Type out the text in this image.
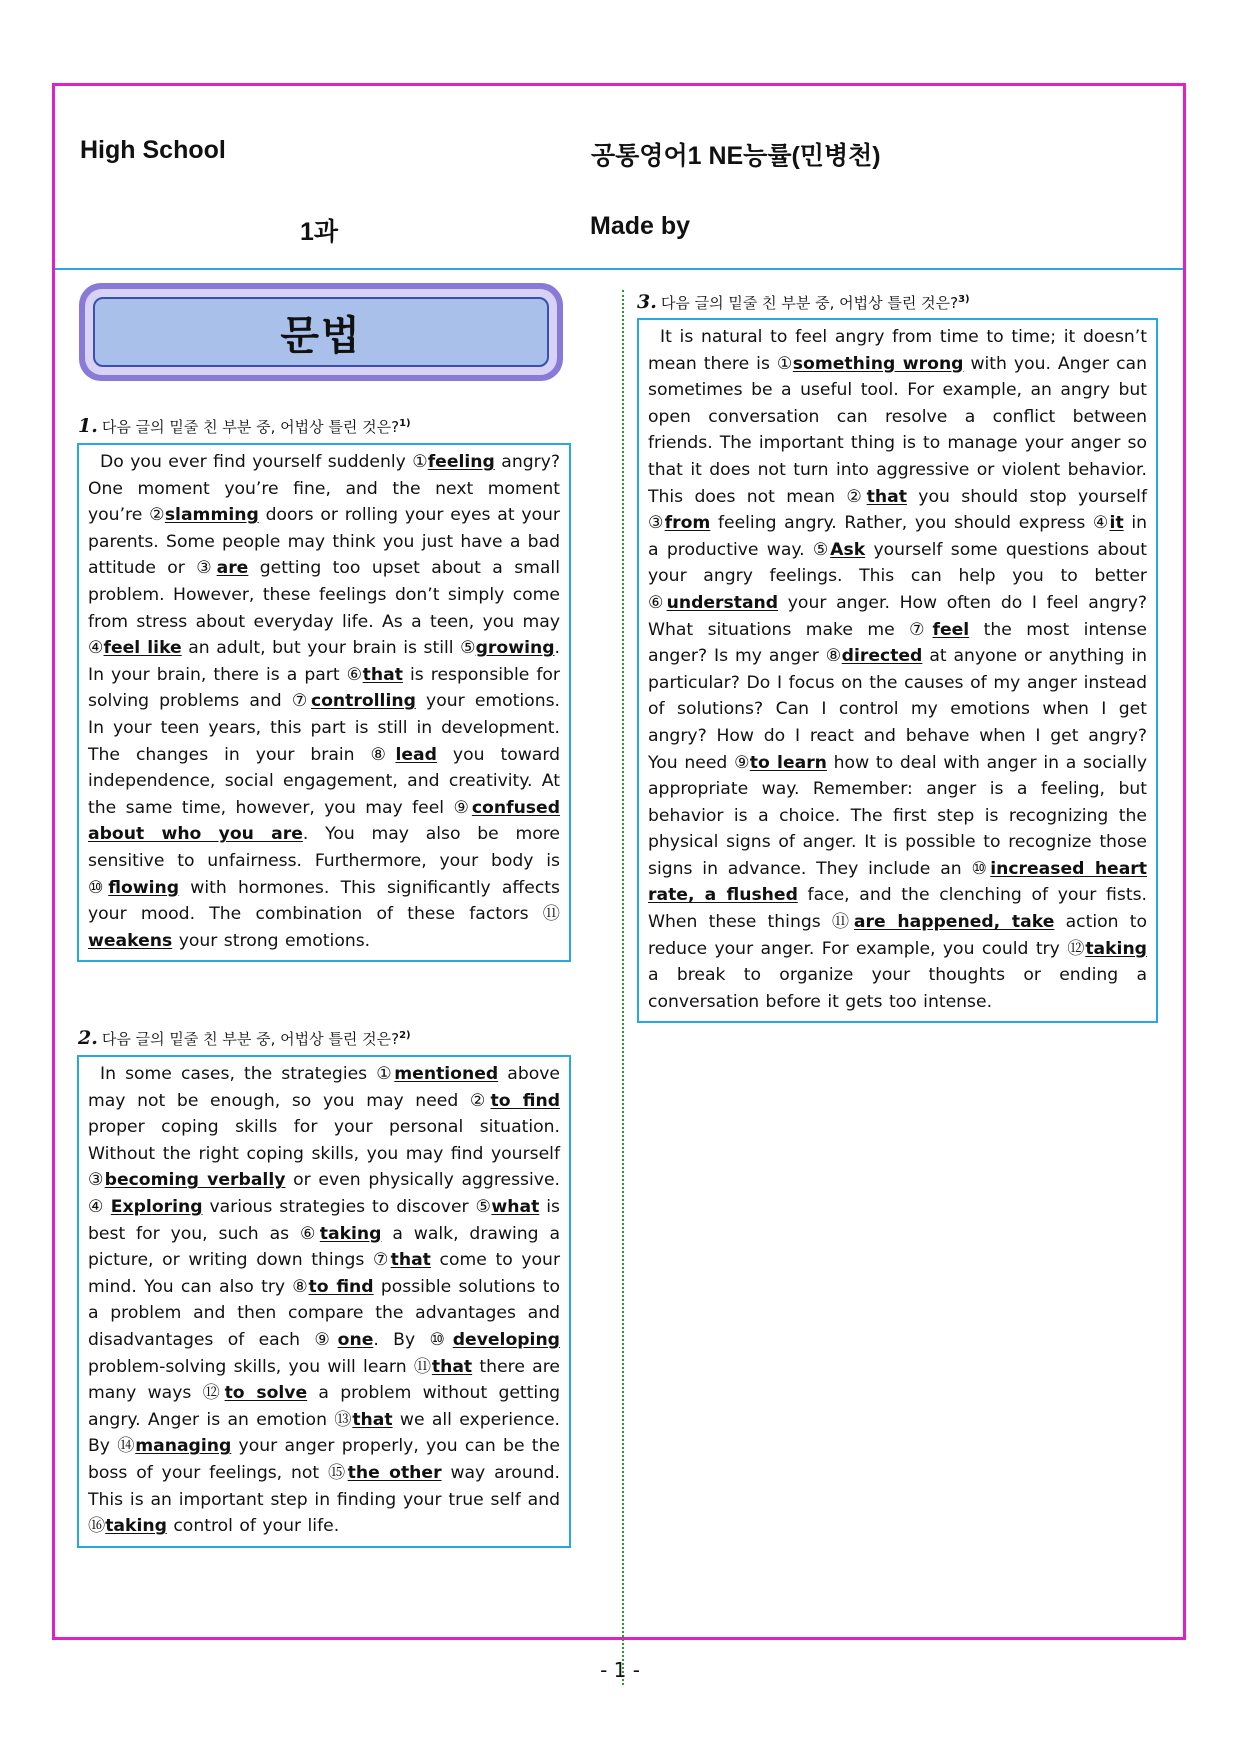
High School	공통영어1 NE능률(민병천)
1과	Made by
문법
1. 다음 글의 밑줄 친 부분 중, 어법상 틀린 것은?$^{1)}$

Do you ever find yourself suddenly ①feeling angry? One moment you’re fine, and the next moment you’re ②slamming doors or rolling your eyes at your parents. Some people may think you just have a bad attitude or ③are getting too upset about a small problem. However, these feelings don’t simply come from stress about everyday life. As a teen, you may ④feel like an adult, but your brain is still ⑤growing. In your brain, there is a part ⑥that is responsible for solving problems and ⑦controlling your emotions. In your teen years, this part is still in development. The changes in your brain ⑧lead you toward independence, social engagement, and creativity. At the same time, however, you may feel ⑨confused about who you are. You may also be more sensitive to unfairness. Furthermore, your body is ⑩flowing with hormones. This significantly affects your mood. The combination of these factors ⑪ weakens your strong emotions.

2. 다음 글의 밑줄 친 부분 중, 어법상 틀린 것은?$^{2)}$

In some cases, the strategies ①mentioned above may not be enough, so you may need ②to find proper coping skills for your personal situation. Without the right coping skills, you may find yourself ③becoming verbally or even physically aggressive. ④ Exploring various strategies to discover ⑤what is best for you, such as ⑥taking a walk, drawing a picture, or writing down things ⑦that come to your mind. You can also try ⑧to find possible solutions to a problem and then compare the advantages and disadvantages of each ⑨one. By ⑩developing problem-solving skills, you will learn ⑪that there are many ways ⑫to solve a problem without getting angry. Anger is an emotion ⑬that we all experience. By ⑭managing your anger properly, you can be the boss of your feelings, not ⑮the other way around. This is an important step in finding your true self and ⑯taking control of your life.

3. 다음 글의 밑줄 친 부분 중, 어법상 틀린 것은?$^{3)}$

It is natural to feel angry from time to time; it doesn’t mean there is ①something wrong with you. Anger can sometimes be a useful tool. For example, an angry but open conversation can resolve a conflict between friends. The important thing is to manage your anger so that it does not turn into aggressive or violent behavior. This does not mean ②that you should stop yourself ③from feeling angry. Rather, you should express ④it in a productive way. ⑤Ask yourself some questions about your angry feelings. This can help you to better ⑥understand your anger. How often do I feel angry? What situations make me ⑦feel the most intense anger? Is my anger ⑧directed at anyone or anything in particular? Do I focus on the causes of my anger instead of solutions? Can I control my emotions when I get angry? How do I react and behave when I get angry? You need ⑨to learn how to deal with anger in a socially appropriate way. Remember: anger is a feeling, but behavior is a choice. The first step is recognizing the physical signs of anger. It is possible to recognize those signs in advance. They include an ⑩increased heart rate, a flushed face, and the clenching of your fists. When these things ⑪are happened, take action to reduce your anger. For example, you could try ⑫taking a break to organize your thoughts or ending a conversation before it gets too intense.

- 1 -
